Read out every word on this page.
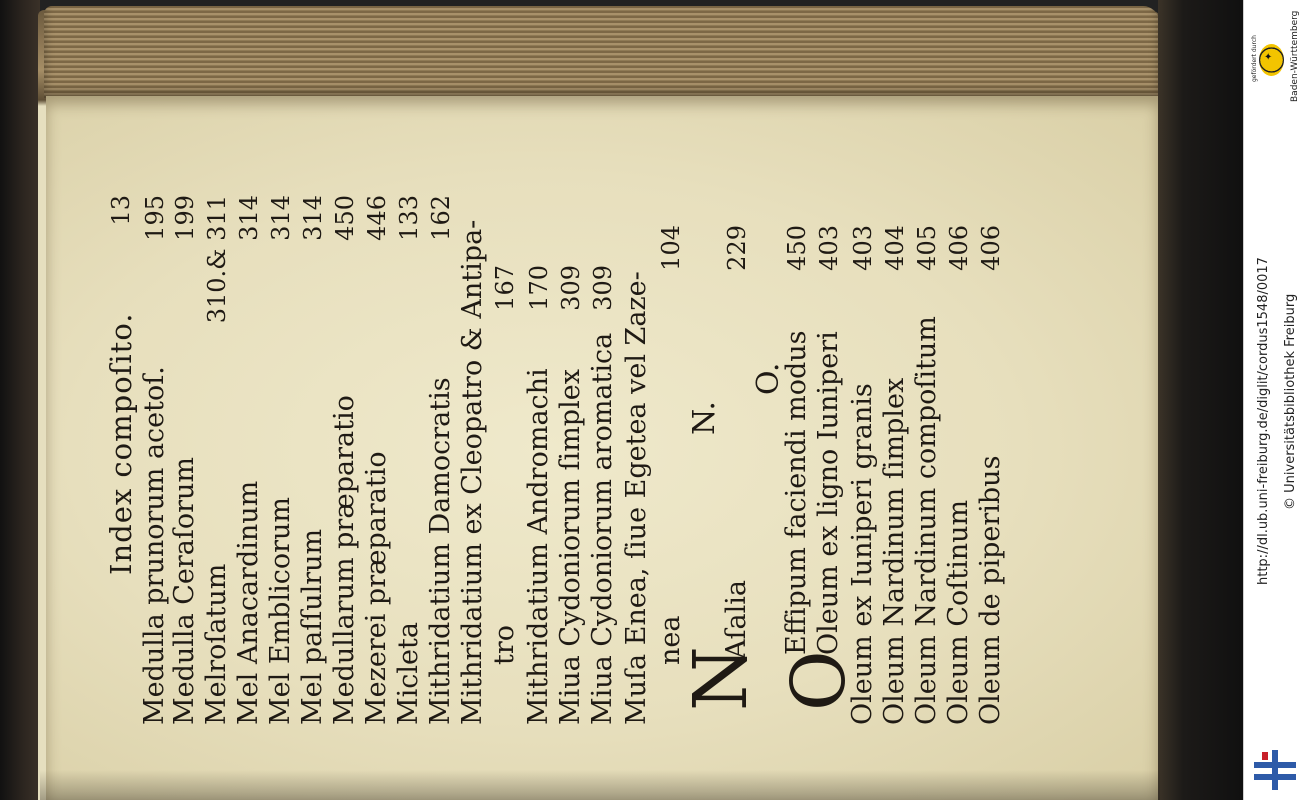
Index compoſito.
13
Medulla prunorum acetoſ.
195
Medulla Ceraſorum
199
Melroſatum
310.& 311
Mel Anacardinum
314
Mel Emblicorum
314
Mel paſſulrum
314
Medullarum præparatio
450
Mezerei præparatio
446
Micleta
133
Mithridatium Damocratis
162
Mithridatium ex Cleopatro & Antipa- tro
167
Mithridatium Andromachi
170
Miua Cydoniorum ſimplex
309
Miua Cydoniorum aromatica
309 Muſa Enea, ſiue Egetea vel Zaze- nea
104
N.
N
Aſalia
229
O.
O
Effipum faciendi modus
450
Oleum ex ligno Iuniperi
403
Oleum ex Iuniperi granis
403
Oleum Nardinum ſimplex
404
Oleum Nardinum compoſitum
405
Oleum Coſtinum
406
Oleum de piperibus
406
gefördert durch ✦ Baden-Württemberg
http://dl.ub.uni-freiburg.de/diglit/cordus1548/0017 © Universitätsbibliothek Freiburg
